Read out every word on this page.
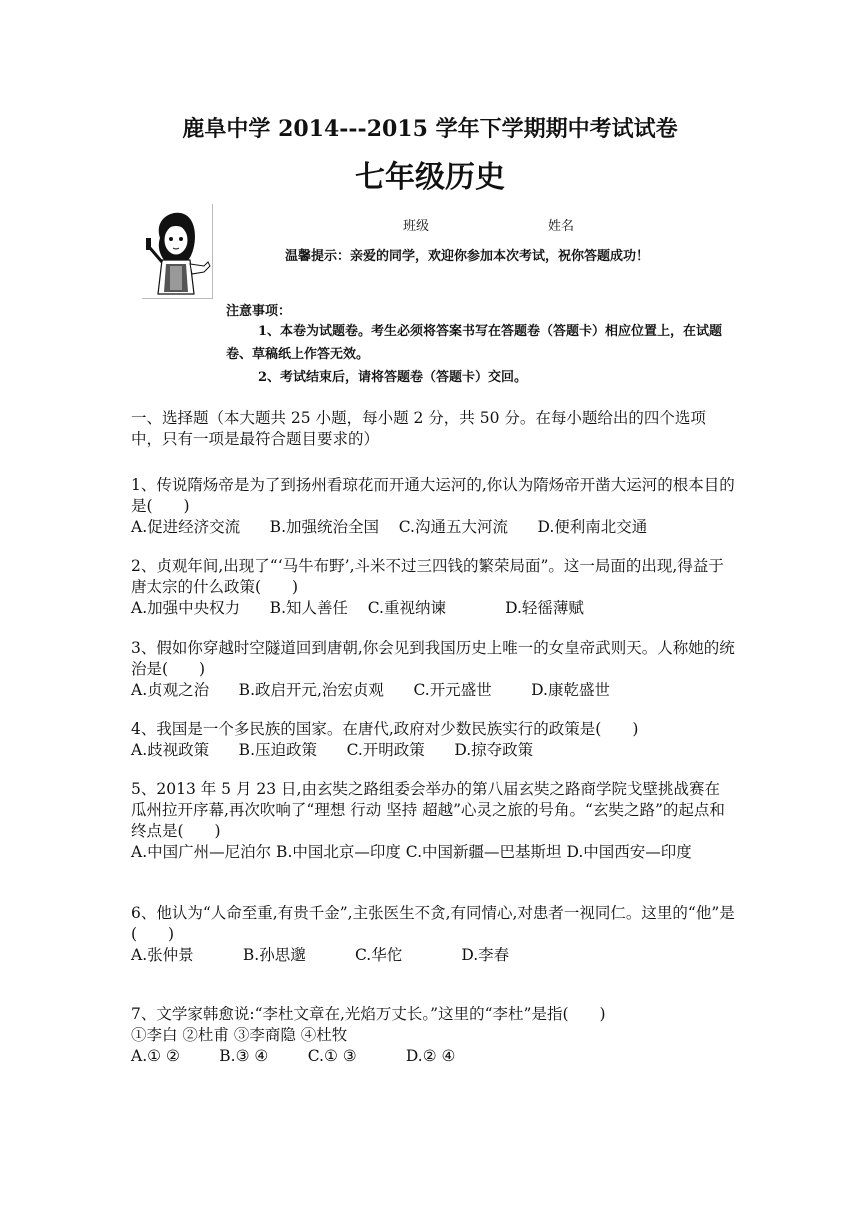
鹿阜中学 2014---2015 学年下学期期中考试试卷
七年级历史
班级	姓名
温馨提示：亲爱的同学，欢迎你参加本次考试，祝你答题成功！
注意事项：
1、本卷为试题卷。考生必须将答案书写在答题卷（答题卡）相应位置上，在试题卷、草稿纸上作答无效。
2、考试结束后，请将答题卷（答题卡）交回。
一、选择题（本大题共 25 小题，每小题 2 分，共 50 分。在每小题给出的四个选项中，只有一项是最符合题目要求的）
1、传说隋炀帝是为了到扬州看琼花而开通大运河的,你认为隋炀帝开凿大运河的根本目的是(　　)
A.促进经济交流      B.加强统治全国    C.沟通五大河流      D.便利南北交通
2、贞观年间,出现了“‘马牛布野’,斗米不过三四钱的繁荣局面”。这一局面的出现,得益于唐太宗的什么政策(　　)
A.加强中央权力      B.知人善任    C.重视纳谏            D.轻徭薄赋
3、假如你穿越时空隧道回到唐朝,你会见到我国历史上唯一的女皇帝武则天。人称她的统治是(　　)
A.贞观之治      B.政启开元,治宏贞观      C.开元盛世        D.康乾盛世
4、我国是一个多民族的国家。在唐代,政府对少数民族实行的政策是(　　)
A.歧视政策      B.压迫政策      C.开明政策      D.掠夺政策
5、2013 年 5 月 23 日,由玄奘之路组委会举办的第八届玄奘之路商学院戈壁挑战赛在瓜州拉开序幕,再次吹响了“理想 行动 坚持 超越”心灵之旅的号角。“玄奘之路”的起点和终点是(　　)
A.中国广州—尼泊尔 B.中国北京—印度 C.中国新疆—巴基斯坦 D.中国西安—印度
6、他认为“人命至重,有贵千金”,主张医生不贪,有同情心,对患者一视同仁。这里的“他”是(　　)
A.张仲景          B.孙思邈          C.华佗            D.李春
7、文学家韩愈说:“李杜文章在,光焰万丈长。”这里的“李杜”是指(　　)
①李白 ②杜甫 ③李商隐 ④杜牧
A.① ②        B.③ ④        C.① ③          D.② ④
